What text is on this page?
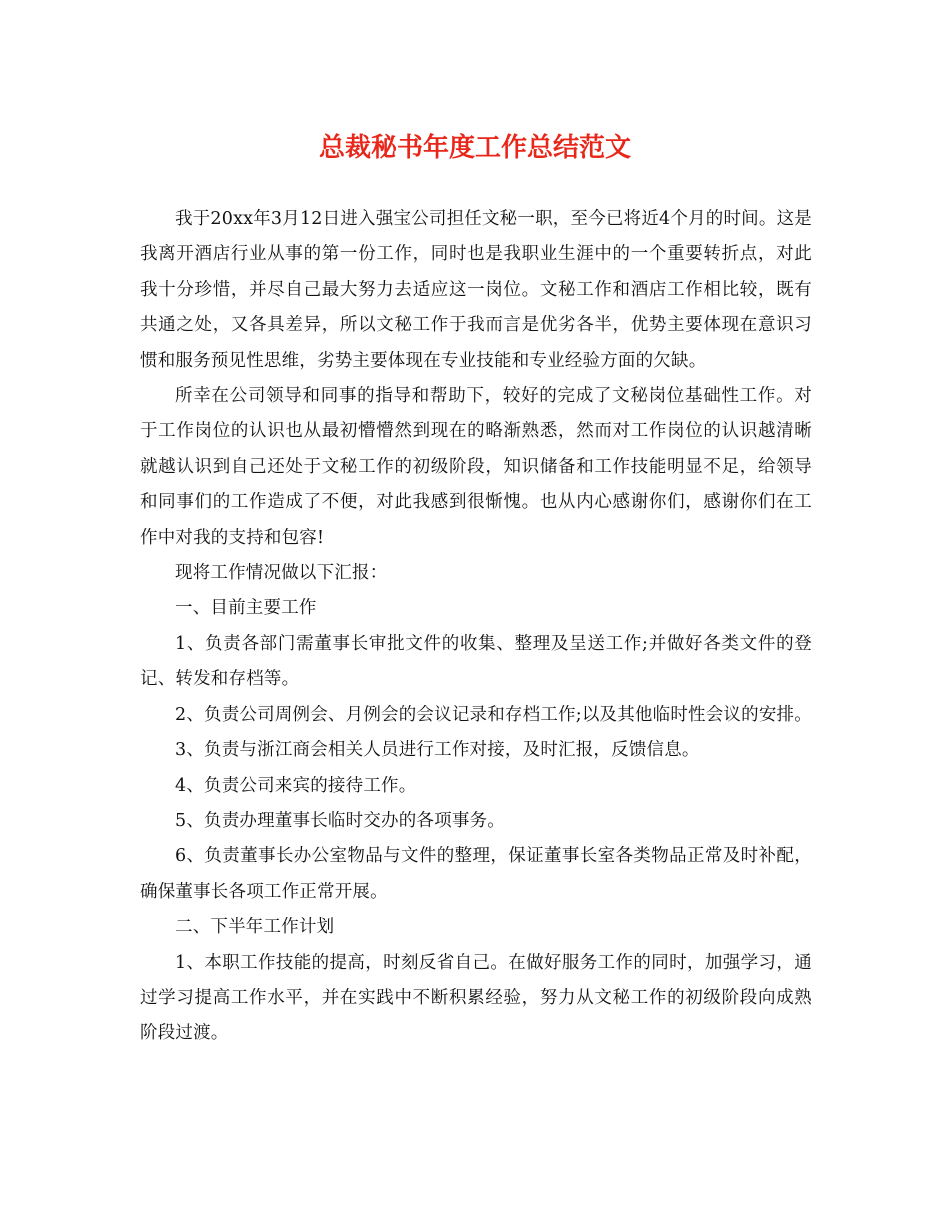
总裁秘书年度工作总结范文

我于20xx年3月12日进入强宝公司担任文秘一职，至今已将近4个月的时间。这是我离开酒店行业从事的第一份工作，同时也是我职业生涯中的一个重要转折点，对此我十分珍惜，并尽自己最大努力去适应这一岗位。文秘工作和酒店工作相比较，既有共通之处，又各具差异，所以文秘工作于我而言是优劣各半，优势主要体现在意识习惯和服务预见性思维，劣势主要体现在专业技能和专业经验方面的欠缺。

所幸在公司领导和同事的指导和帮助下，较好的完成了文秘岗位基础性工作。对于工作岗位的认识也从最初懵懵然到现在的略渐熟悉，然而对工作岗位的认识越清晰就越认识到自己还处于文秘工作的初级阶段，知识储备和工作技能明显不足，给领导和同事们的工作造成了不便，对此我感到很惭愧。也从内心感谢你们，感谢你们在工作中对我的支持和包容!

现将工作情况做以下汇报：

一、目前主要工作

1、负责各部门需董事长审批文件的收集、整理及呈送工作;并做好各类文件的登记、转发和存档等。

2、负责公司周例会、月例会的会议记录和存档工作;以及其他临时性会议的安排。

3、负责与浙江商会相关人员进行工作对接，及时汇报，反馈信息。

4、负责公司来宾的接待工作。

5、负责办理董事长临时交办的各项事务。

6、负责董事长办公室物品与文件的整理，保证董事长室各类物品正常及时补配，确保董事长各项工作正常开展。

二、下半年工作计划

1、本职工作技能的提高，时刻反省自己。在做好服务工作的同时，加强学习，通过学习提高工作水平，并在实践中不断积累经验，努力从文秘工作的初级阶段向成熟阶段过渡。
